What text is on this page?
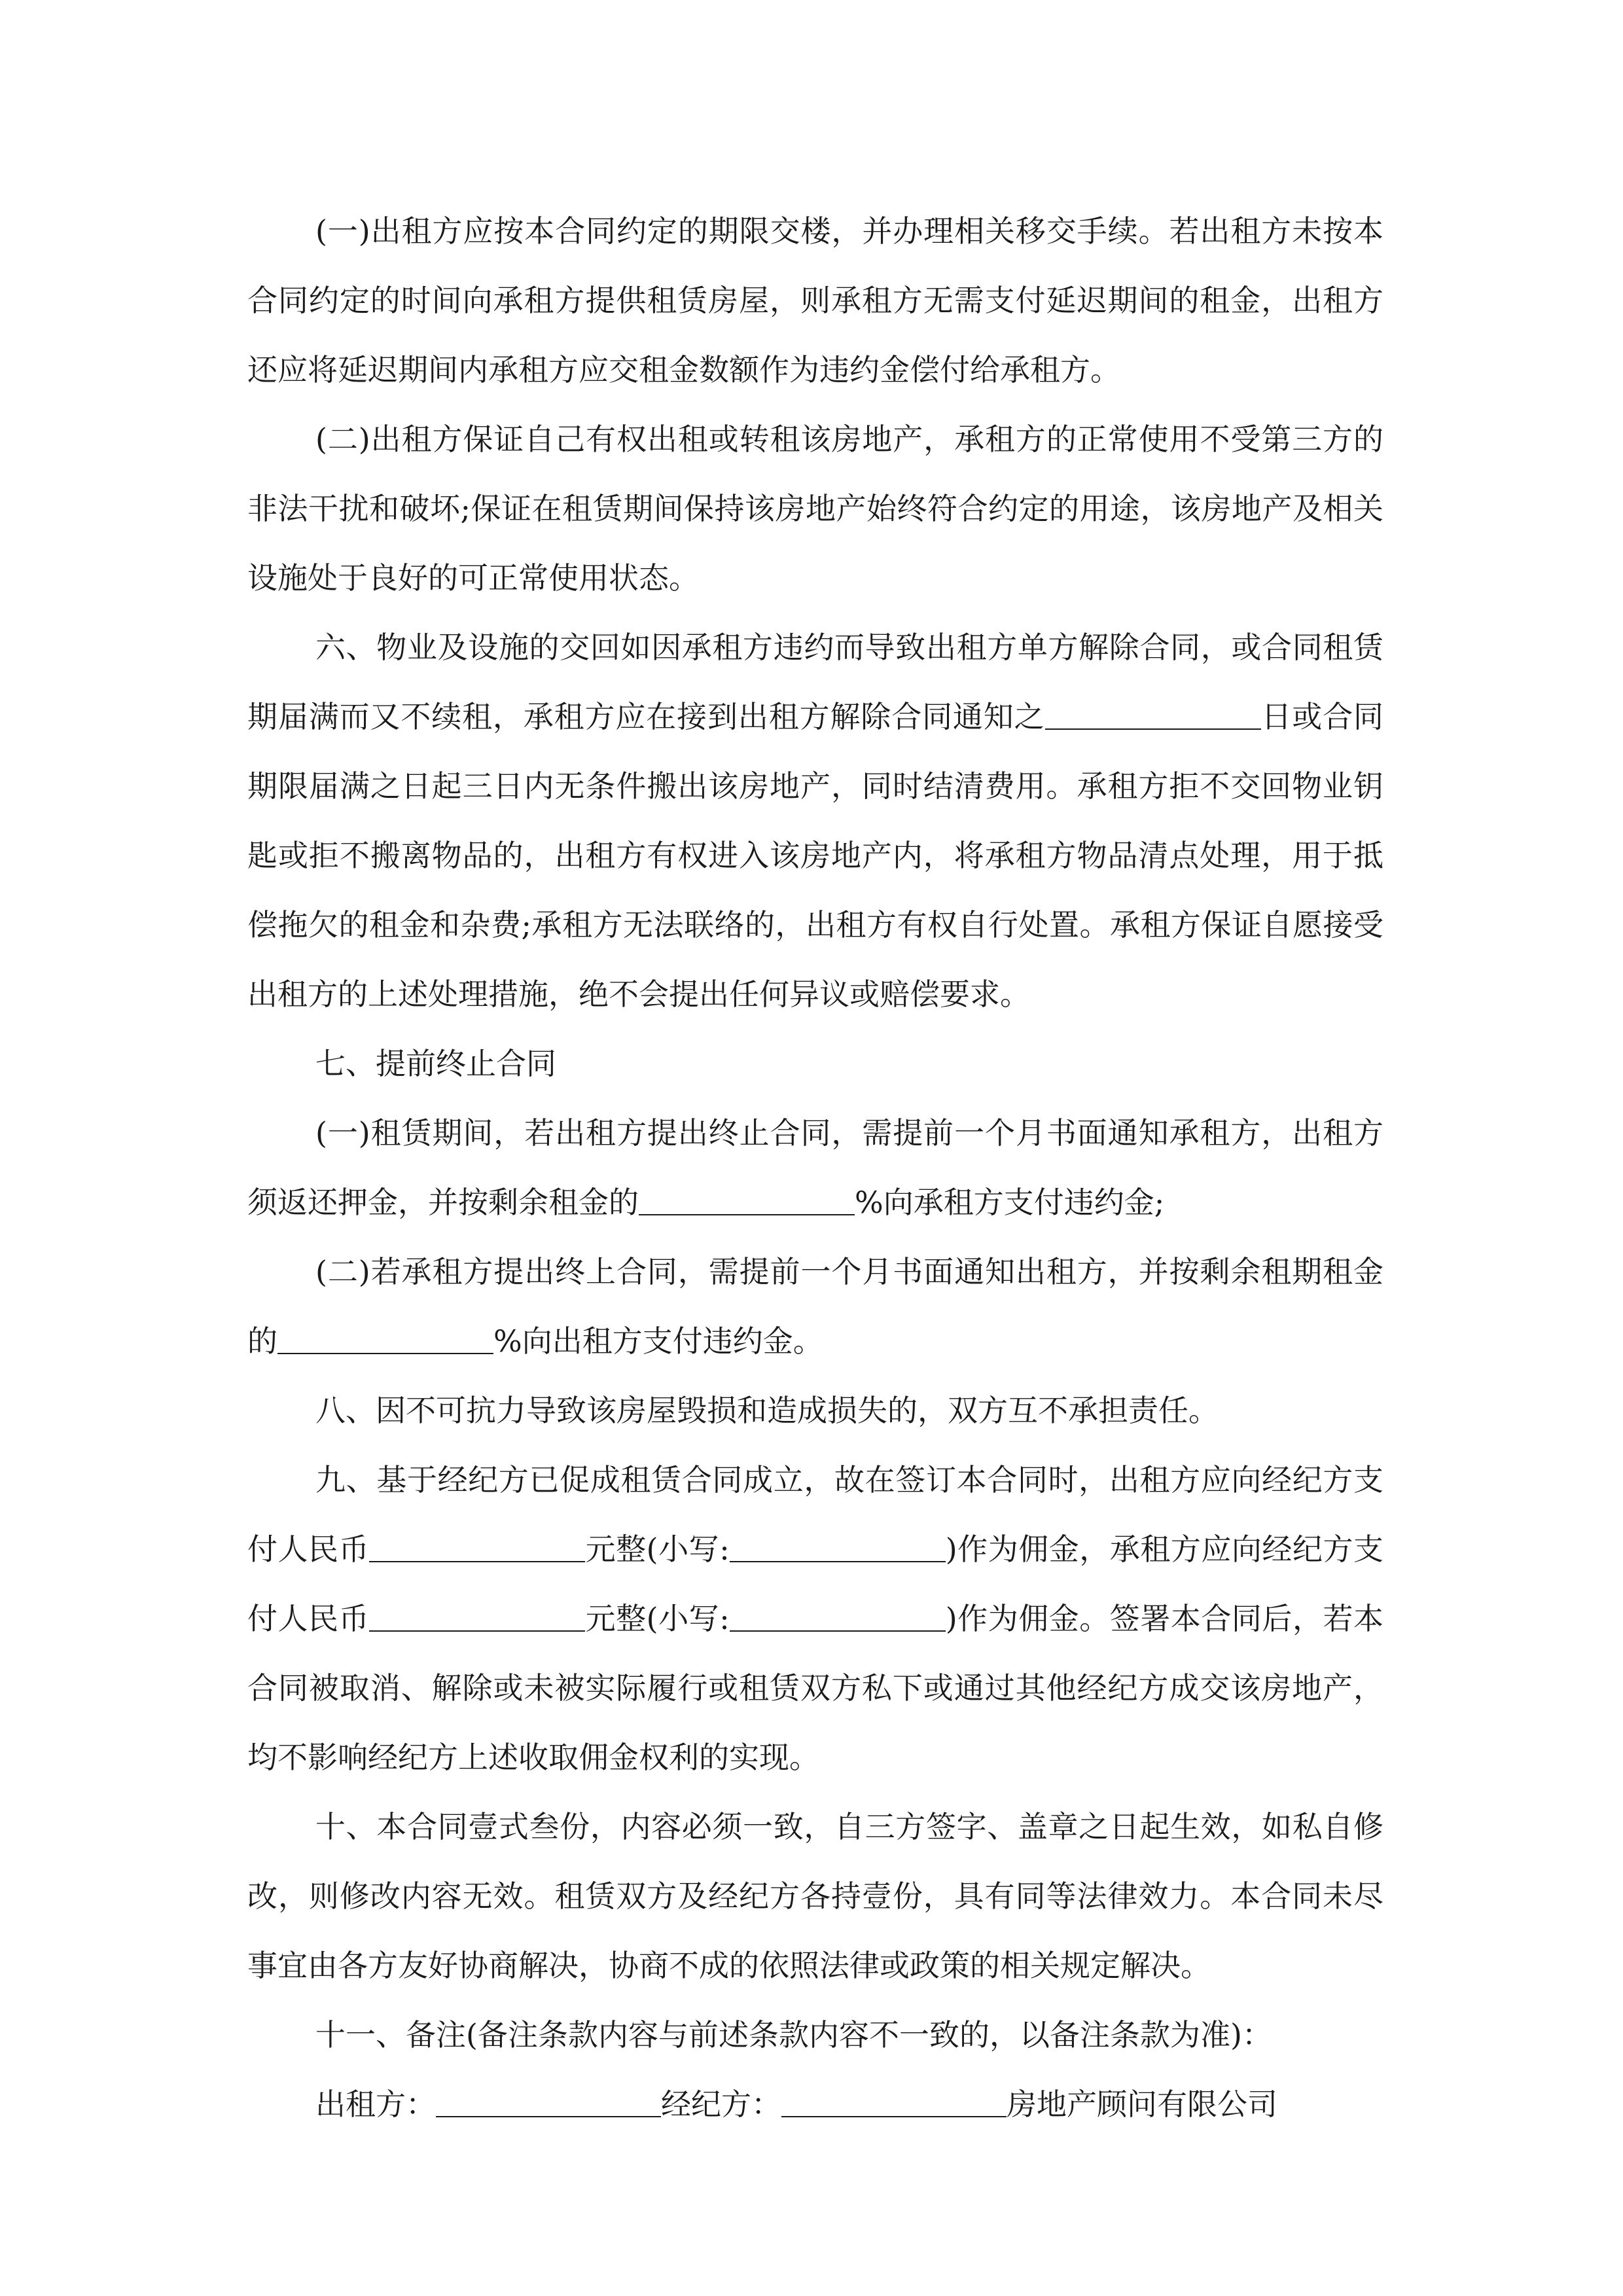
(一)出租方应按本合同约定的期限交楼，并办理相关移交手续。若出租方未按本合同约定的时间向承租方提供租赁房屋，则承租方无需支付延迟期间的租金，出租方还应将延迟期间内承租方应交租金数额作为违约金偿付给承租方。

(二)出租方保证自己有权出租或转租该房地产，承租方的正常使用不受第三方的非法干扰和破坏;保证在租赁期间保持该房地产始终符合约定的用途，该房地产及相关设施处于良好的可正常使用状态。

六、物业及设施的交回如因承租方违约而导致出租方单方解除合同，或合同租赁期届满而又不续租，承租方应在接到出租方解除合同通知之	日或合同期限届满之日起三日内无条件搬出该房地产，同时结清费用。承租方拒不交回物业钥匙或拒不搬离物品的，出租方有权进入该房地产内，将承租方物品清点处理，用于抵偿拖欠的租金和杂费;承租方无法联络的，出租方有权自行处置。承租方保证自愿接受出租方的上述处理措施，绝不会提出任何异议或赔偿要求。

七、提前终止合同

(一)租赁期间，若出租方提出终止合同，需提前一个月书面通知承租方，出租方须返还押金，并按剩余租金的	%向承租方支付违约金;

(二)若承租方提出终上合同，需提前一个月书面通知出租方，并按剩余租期租金的	%向出租方支付违约金。

八、因不可抗力导致该房屋毁损和造成损失的，双方互不承担责任。

九、基于经纪方已促成租赁合同成立，故在签订本合同时，出租方应向经纪方支付人民币	元整(小写:	)作为佣金，承租方应向经纪方支付人民币	元整(小写:	)作为佣金。签署本合同后，若本合同被取消、解除或未被实际履行或租赁双方私下或通过其他经纪方成交该房地产，均不影响经纪方上述收取佣金权利的实现。

十、本合同壹式叁份，内容必须一致，自三方签字、盖章之日起生效，如私自修改，则修改内容无效。租赁双方及经纪方各持壹份，具有同等法律效力。本合同未尽事宜由各方友好协商解决，协商不成的依照法律或政策的相关规定解决。

十一、备注(备注条款内容与前述条款内容不一致的，以备注条款为准)：

出租方：	经纪方：	房地产顾问有限公司
